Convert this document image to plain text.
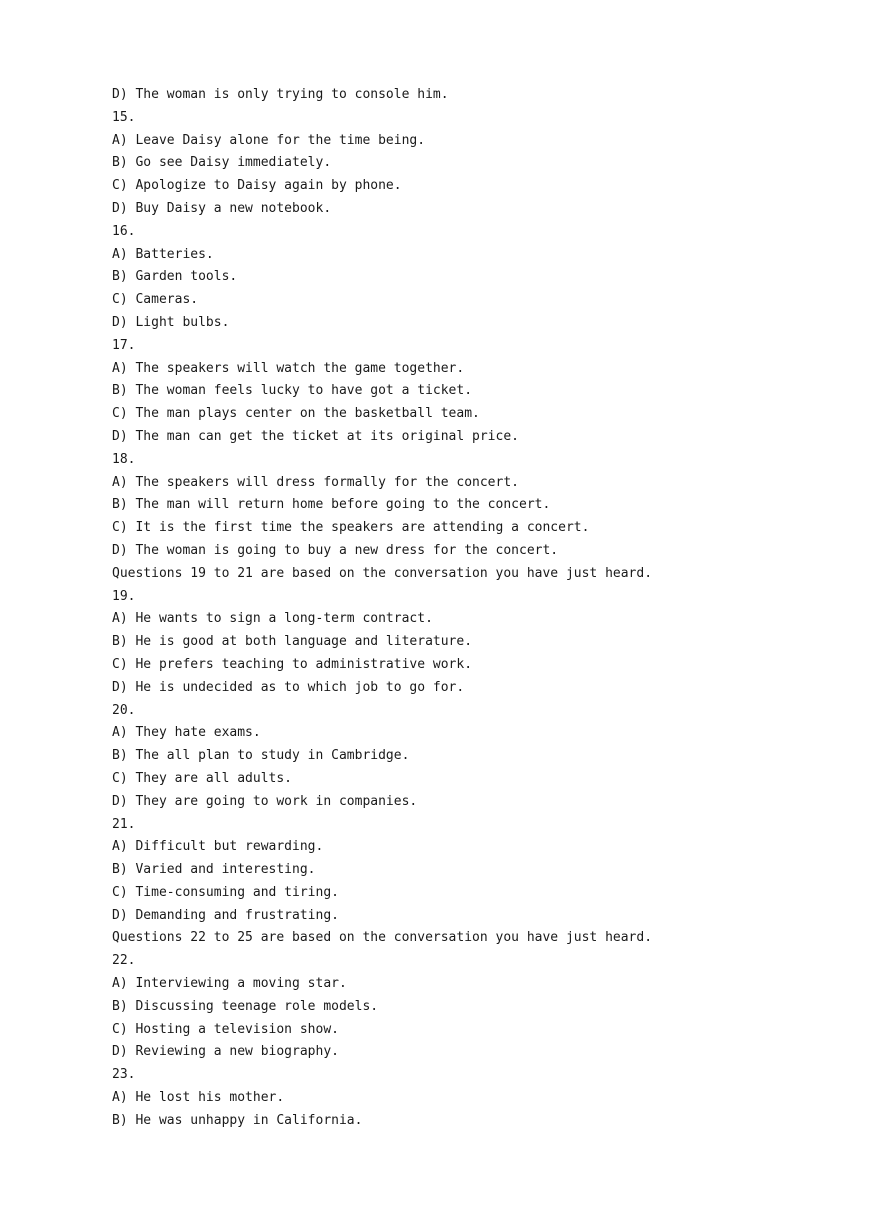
D) The woman is only trying to console him.
15.
A) Leave Daisy alone for the time being.
B) Go see Daisy immediately.
C) Apologize to Daisy again by phone.
D) Buy Daisy a new notebook.
16.
A) Batteries.
B) Garden tools.
C) Cameras.
D) Light bulbs.
17.
A) The speakers will watch the game together.
B) The woman feels lucky to have got a ticket.
C) The man plays center on the basketball team.
D) The man can get the ticket at its original price.
18.
A) The speakers will dress formally for the concert.
B) The man will return home before going to the concert.
C) It is the first time the speakers are attending a concert.
D) The woman is going to buy a new dress for the concert.
Questions 19 to 21 are based on the conversation you have just heard.
19.
A) He wants to sign a long-term contract.
B) He is good at both language and literature.
C) He prefers teaching to administrative work.
D) He is undecided as to which job to go for.
20.
A) They hate exams.
B) The all plan to study in Cambridge.
C) They are all adults.
D) They are going to work in companies.
21.
A) Difficult but rewarding.
B) Varied and interesting.
C) Time-consuming and tiring.
D) Demanding and frustrating.
Questions 22 to 25 are based on the conversation you have just heard.
22.
A) Interviewing a moving star.
B) Discussing teenage role models.
C) Hosting a television show.
D) Reviewing a new biography.
23.
A) He lost his mother.
B) He was unhappy in California.
